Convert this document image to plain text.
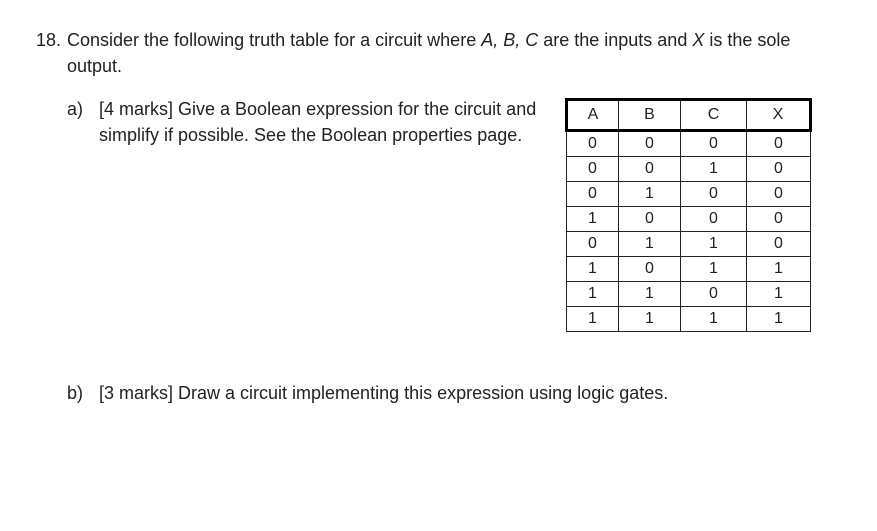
18. Consider the following truth table for a circuit where A, B, C are the inputs and X is the sole output.
a) [4 marks] Give a Boolean expression for the circuit and simplify if possible. See the Boolean properties page.
A	B	C	X
0	0	0	0
0	0	1	0
0	1	0	0
1	0	0	0
0	1	1	0
1	0	1	1
1	1	0	1
1	1	1	1
b) [3 marks] Draw a circuit implementing this expression using logic gates.
